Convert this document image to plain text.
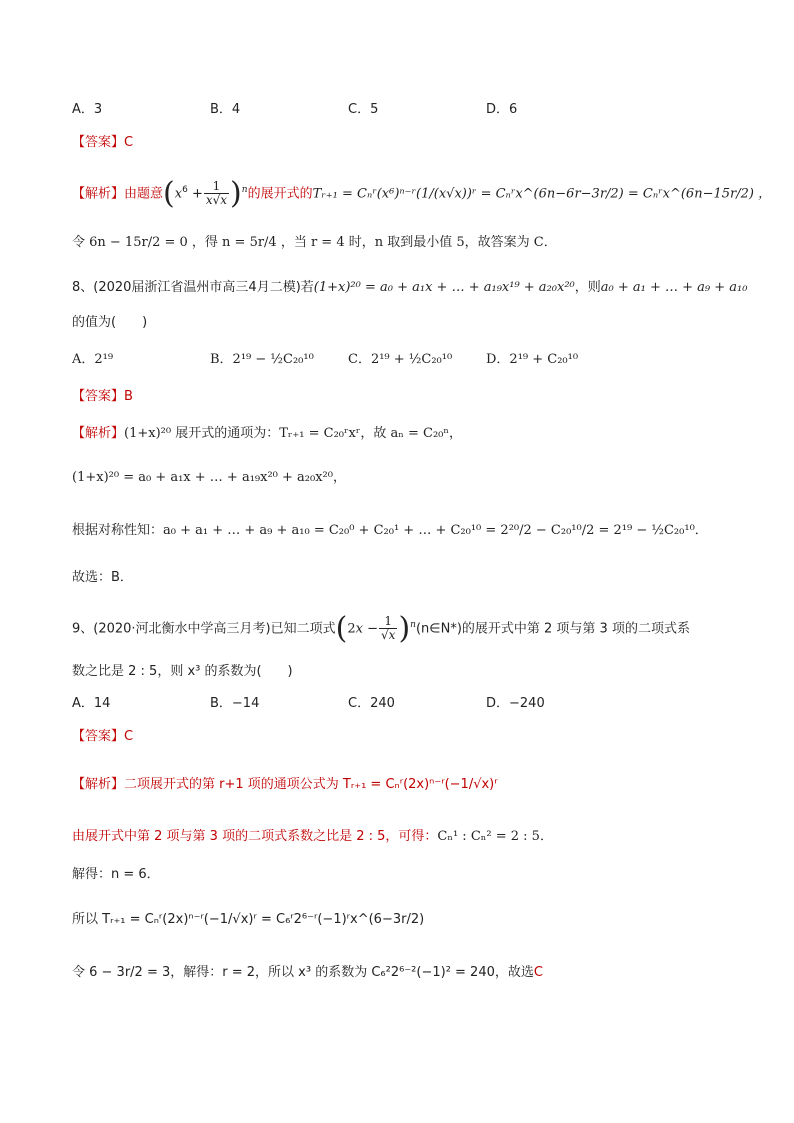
A．3	B．4	C．5	D．6
【答案】C
【解析】由题意$(x^6 + \frac{1}{x√x} )^n$的展开式的Tᵣ₊₁ = Cₙʳ(x⁶)ⁿ⁻ʳ(1/(x√x))ʳ = Cₙʳx^(6n−6r−3r/2) = Cₙʳx^(6n−15r/2) ，
令 6n − 15r/2 = 0 ，得 n = 5r/4 ，当 r = 4 时，n 取到最小值 5，故答案为 C．
8、(2020届浙江省温州市高三4月二模)若(1+x)²⁰ = a₀ + a₁x + … + a₁₉x¹⁹ + a₂₀x²⁰，则a₀ + a₁ + … + a₉ + a₁₀
的值为(　　)
A．2¹⁹	B．2¹⁹ − ½C₂₀¹⁰	C．2¹⁹ + ½C₂₀¹⁰	D．2¹⁹ + C₂₀¹⁰
【答案】B
【解析】(1+x)²⁰ 展开式的通项为：Tᵣ₊₁ = C₂₀ʳxʳ，故 aₙ = C₂₀ⁿ，
(1+x)²⁰ = a₀ + a₁x + … + a₁₉x²⁰ + a₂₀x²⁰，
根据对称性知：a₀ + a₁ + … + a₉ + a₁₀ = C₂₀⁰ + C₂₀¹ + … + C₂₀¹⁰ = 2²⁰/2 − C₂₀¹⁰/2 = 2¹⁹ − ½C₂₀¹⁰．
故选：B．
9、(2020·河北衡水中学高三月考)已知二项式($2x - \frac{1}{√x}$ )$^n(n\in N*)$的展开式中第 2 项与第 3 项的二项式系
数之比是 2 : 5，则 x³ 的系数为(　　)
A．14	B．−14	C．240	D．−240
【答案】C
【解析】二项展开式的第 r+1 项的通项公式为 Tᵣ₊₁ = Cₙʳ(2x)ⁿ⁻ʳ(−1/√x)ʳ
由展开式中第 2 项与第 3 项的二项式系数之比是 2 : 5，可得：Cₙ¹ : Cₙ² = 2 : 5．
解得：n = 6．
所以 Tᵣ₊₁ = Cₙʳ(2x)ⁿ⁻ʳ(−1/√x)ʳ = C₆ʳ2⁶⁻ʳ(−1)ʳx^(6−3r/2)
令 6 − 3r/2 = 3，解得：r = 2，所以 x³ 的系数为 C₆²2⁶⁻²(−1)² = 240，故选C
